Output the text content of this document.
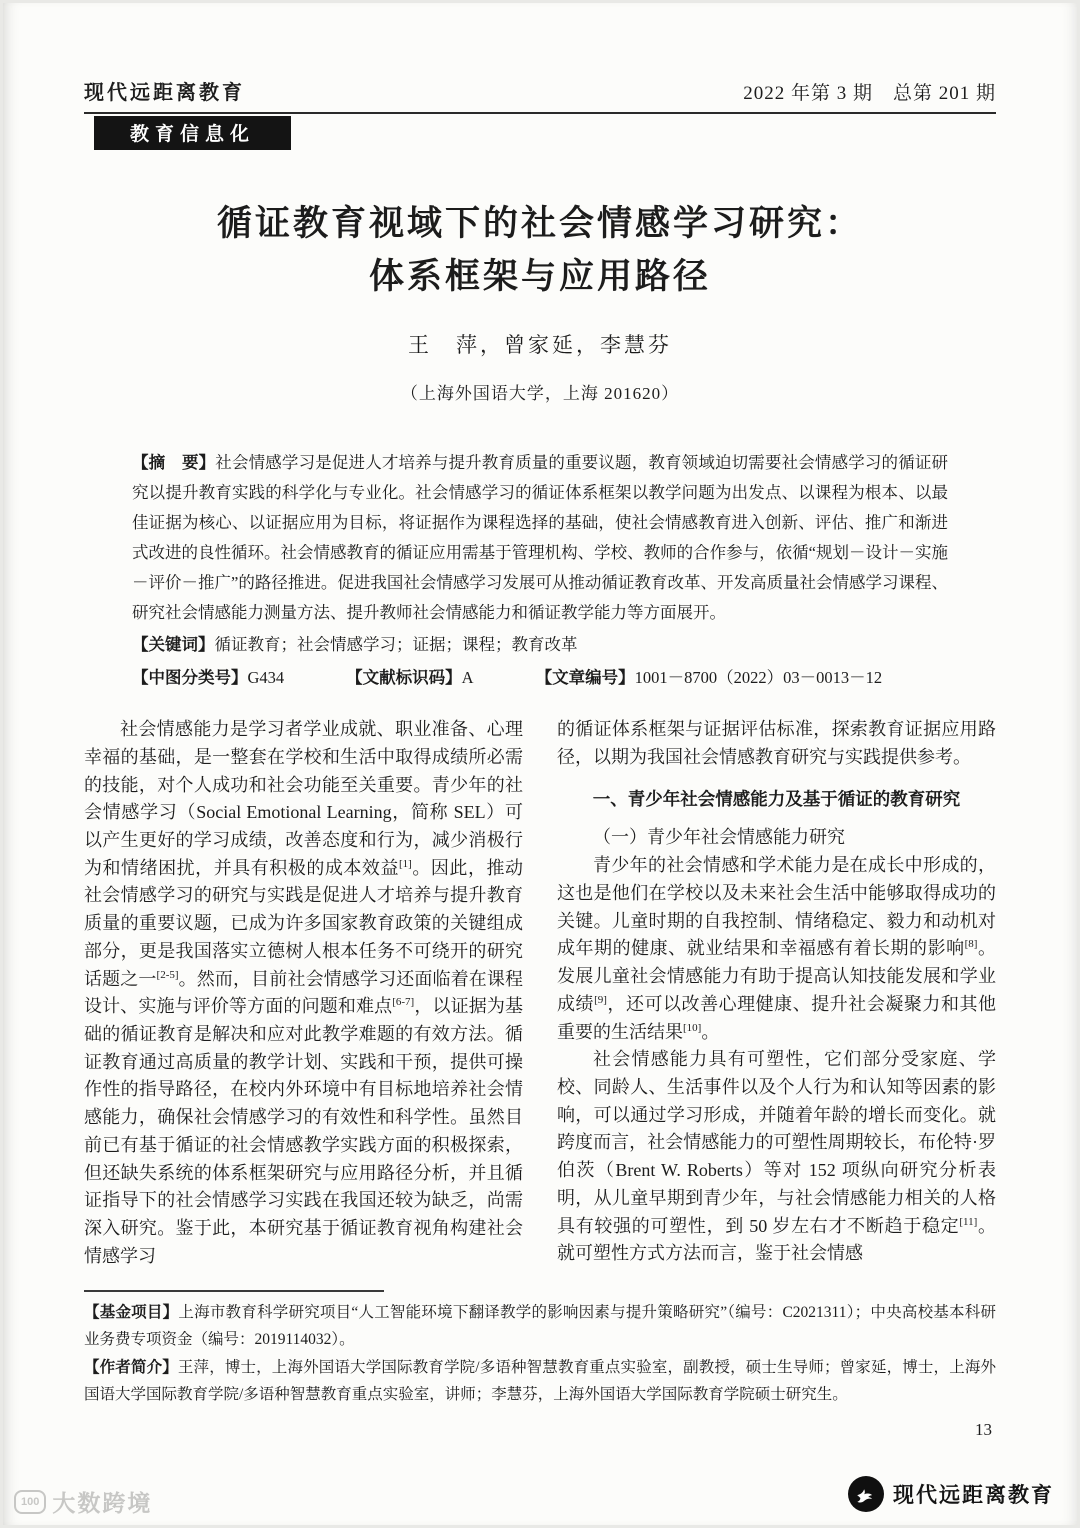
现代远距离教育	2022 年第 3 期　总第 201 期
教育信息化
循证教育视域下的社会情感学习研究：
体系框架与应用路径
王　萍，曾家延，李慧芬
（上海外国语大学，上海 201620）
【摘　要】社会情感学习是促进人才培养与提升教育质量的重要议题，教育领域迫切需要社会情感学习的循证研究以提升教育实践的科学化与专业化。社会情感学习的循证体系框架以教学问题为出发点、以课程为根本、以最佳证据为核心、以证据应用为目标，将证据作为课程选择的基础，使社会情感教育进入创新、评估、推广和渐进式改进的良性循环。社会情感教育的循证应用需基于管理机构、学校、教师的合作参与，依循“规划－设计－实施－评价－推广”的路径推进。促进我国社会情感学习发展可从推动循证教育改革、开发高质量社会情感学习课程、研究社会情感能力测量方法、提升教师社会情感能力和循证教学能力等方面展开。
【关键词】循证教育；社会情感学习；证据；课程；教育改革
【中图分类号】G434	【文献标识码】A	【文章编号】1001－8700（2022）03－0013－12

社会情感能力是学习者学业成就、职业准备、心理幸福的基础，是一整套在学校和生活中取得成绩所必需的技能，对个人成功和社会功能至关重要。青少年的社会情感学习（Social Emotional Learning，简称 SEL）可以产生更好的学习成绩，改善态度和行为，减少消极行为和情绪困扰，并具有积极的成本效益[1]。因此，推动社会情感学习的研究与实践是促进人才培养与提升教育质量的重要议题，已成为许多国家教育政策的关键组成部分，更是我国落实立德树人根本任务不可绕开的研究话题之一[2-5]。然而，目前社会情感学习还面临着在课程设计、实施与评价等方面的问题和难点[6-7]，以证据为基础的循证教育是解决和应对此教学难题的有效方法。循证教育通过高质量的教学计划、实践和干预，提供可操作性的指导路径，在校内外环境中有目标地培养社会情感能力，确保社会情感学习的有效性和科学性。虽然目前已有基于循证的社会情感教学实践方面的积极探索，但还缺失系统的体系框架研究与应用路径分析，并且循证指导下的社会情感学习实践在我国还较为缺乏，尚需深入研究。鉴于此，本研究基于循证教育视角构建社会情感学习

的循证体系框架与证据评估标准，探索教育证据应用路径，以期为我国社会情感教育研究与实践提供参考。

一、青少年社会情感能力及基于循证的教育研究

（一）青少年社会情感能力研究

青少年的社会情感和学术能力是在成长中形成的，这也是他们在学校以及未来社会生活中能够取得成功的关键。儿童时期的自我控制、情绪稳定、毅力和动机对成年期的健康、就业结果和幸福感有着长期的影响[8]。发展儿童社会情感能力有助于提高认知技能发展和学业成绩[9]，还可以改善心理健康、提升社会凝聚力和其他重要的生活结果[10]。

社会情感能力具有可塑性，它们部分受家庭、学校、同龄人、生活事件以及个人行为和认知等因素的影响，可以通过学习形成，并随着年龄的增长而变化。就跨度而言，社会情感能力的可塑性周期较长，布伦特·罗伯茨（Brent W. Roberts）等对 152 项纵向研究分析表明，从儿童早期到青少年，与社会情感能力相关的人格具有较强的可塑性，到 50 岁左右才不断趋于稳定[11]。就可塑性方式方法而言，鉴于社会情感

【基金项目】上海市教育科学研究项目“人工智能环境下翻译教学的影响因素与提升策略研究”（编号：C2021311）；中央高校基本科研业务费专项资金（编号：2019114032）。

【作者简介】王萍，博士，上海外国语大学国际教育学院/多语种智慧教育重点实验室，副教授，硕士生导师；曾家延，博士，上海外国语大学国际教育学院/多语种智慧教育重点实验室，讲师；李慧芬，上海外国语大学国际教育学院硕士研究生。

13
100 大数跨境	现代远距离教育
